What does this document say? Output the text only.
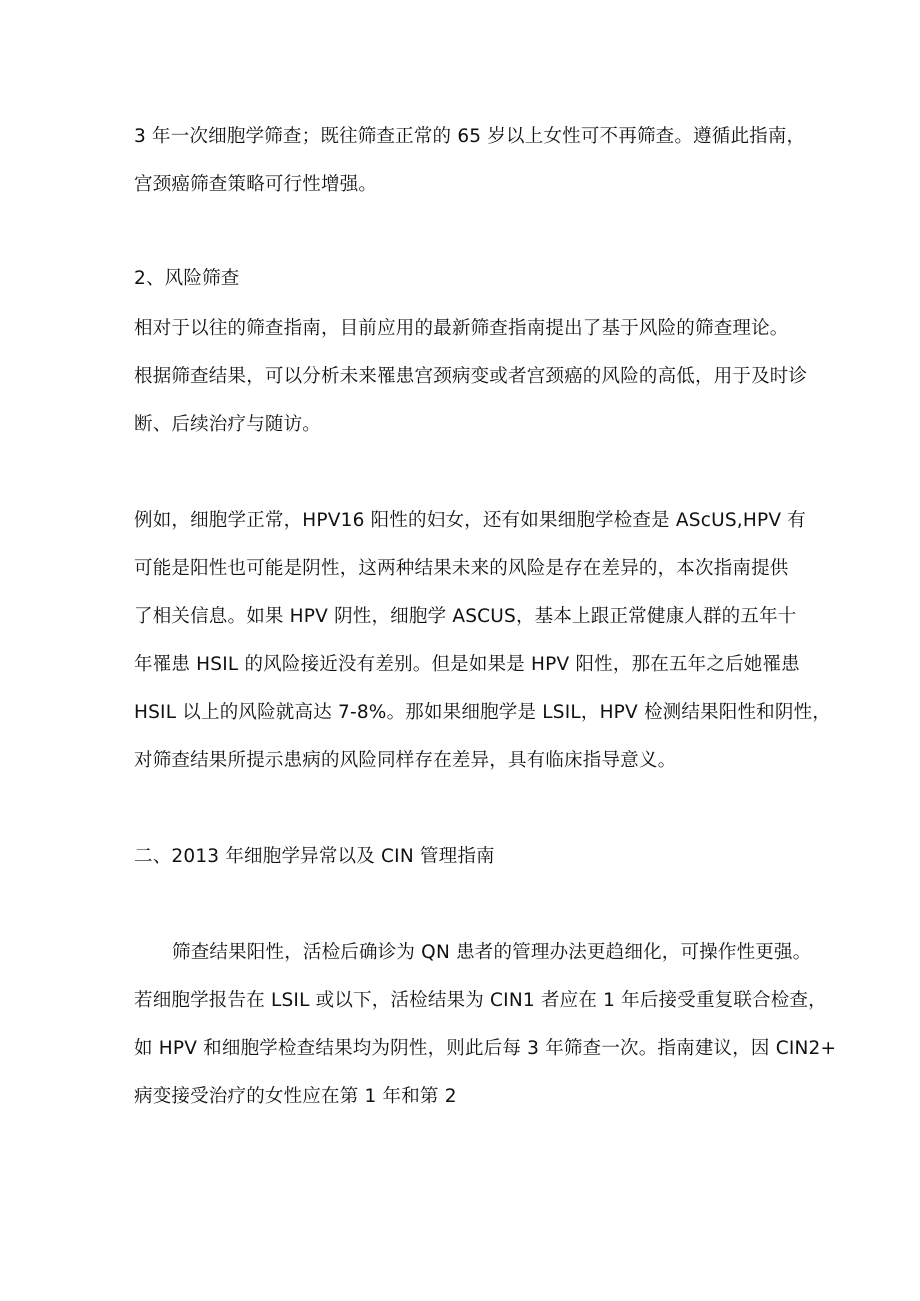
3 年一次细胞学筛查；既往筛查正常的 65 岁以上女性可不再筛查。遵循此指南，
宫颈癌筛查策略可行性增强。
2、风险筛查
相对于以往的筛查指南，目前应用的最新筛查指南提出了基于风险的筛查理论。
根据筛查结果，可以分析未来罹患宫颈病变或者宫颈癌的风险的高低，用于及时诊
断、后续治疗与随访。
例如，细胞学正常，HPV16 阳性的妇女，还有如果细胞学检查是 AScUS,HPV 有
可能是阳性也可能是阴性，这两种结果未来的风险是存在差异的，本次指南提供
了相关信息。如果 HPV 阴性，细胞学 ASCUS，基本上跟正常健康人群的五年十
年罹患 HSIL 的风险接近没有差别。但是如果是 HPV 阳性，那在五年之后她罹患
HSIL 以上的风险就高达 7-8%。那如果细胞学是 LSIL，HPV 检测结果阳性和阴性，
对筛查结果所提示患病的风险同样存在差异，具有临床指导意义。
二、2013 年细胞学异常以及 CIN 管理指南
筛查结果阳性，活检后确诊为 QN 患者的管理办法更趋细化，可操作性更强。
若细胞学报告在 LSIL 或以下，活检结果为 CIN1 者应在 1 年后接受重复联合检查，
如 HPV 和细胞学检查结果均为阴性，则此后每 3 年筛查一次。指南建议，因 CIN2+
病变接受治疗的女性应在第 1 年和第 2
